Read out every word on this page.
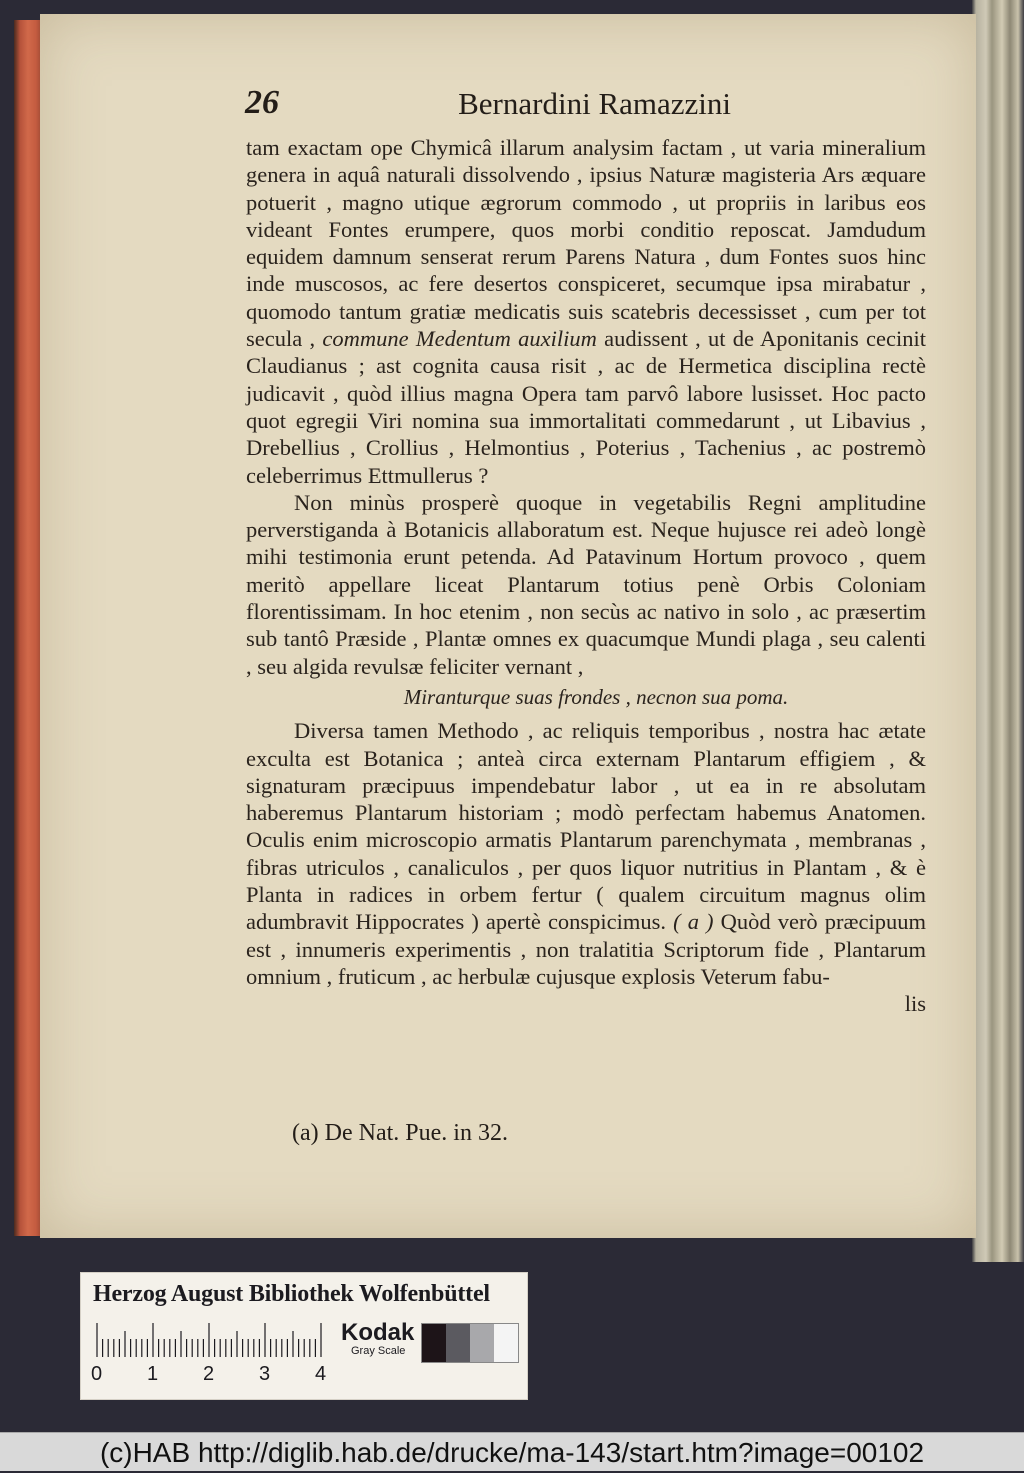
26	Bernardini Ramazzini

tam exactam ope Chymicâ illarum analysim factam , ut varia mineralium genera in aquâ naturali dissolvendo , ipsius Naturæ magisteria Ars æquare potuerit , magno utique ægrorum commodo , ut propriis in laribus eos videant Fontes erumpere, quos morbi conditio reposcat. Jamdudum equidem damnum senserat rerum Parens Natura , dum Fontes suos hinc inde muscosos, ac fere desertos conspiceret, secumque ipsa mirabatur , quomodo tantum gratiæ medicatis suis scatebris decessisset , cum per tot secula , commune Medentum auxilium audissent , ut de Aponitanis cecinit Claudianus ; ast cognita causa risit , ac de Hermetica disciplina rectè judicavit , quòd illius magna Opera tam parvô labore lusisset. Hoc pacto quot egregii Viri nomina sua immortalitati commedarunt , ut Libavius , Drebellius , Crollius , Helmontius , Poterius , Tachenius , ac postremò celeberrimus Ettmullerus ?

Non minùs prosperè quoque in vegetabilis Regni amplitudine perverstiganda à Botanicis allaboratum est. Neque hujusce rei adeò longè mihi testimonia erunt petenda. Ad Patavinum Hortum provoco , quem meritò appellare liceat Plantarum totius penè Orbis Coloniam florentissimam. In hoc etenim , non secùs ac nativo in solo , ac præsertim sub tantô Præside , Plantæ omnes ex quacumque Mundi plaga , seu calenti , seu algida revulsæ feliciter vernant ,

Miranturque suas frondes , necnon sua poma.

Diversa tamen Methodo , ac reliquis temporibus , nostra hac ætate exculta est Botanica ; anteà circa externam Plantarum effigiem , & signaturam præcipuus impendebatur labor , ut ea in re absolutam haberemus Plantarum historiam ; modò perfectam habemus Anatomen. Oculis enim microscopio armatis Plantarum parenchymata , membranas , fibras utriculos , canaliculos , per quos liquor nutritius in Plantam , & è Planta in radices in orbem fertur ( qualem circuitum magnus olim adumbravit Hippocrates ) apertè conspicimus. ( a ) Quòd verò præcipuum est , innumeris experimentis , non tralatitia Scriptorum fide , Plantarum omnium , fruticum , ac herbulæ cujusque explosis Veterum fabu-

lis

(a) De Nat. Pue. in 32.
Herzog August Bibliothek Wolfenbüttel
0 1 2 3 4
Kodak
Gray Scale
(c)HAB http://diglib.hab.de/drucke/ma-143/start.htm?image=00102
